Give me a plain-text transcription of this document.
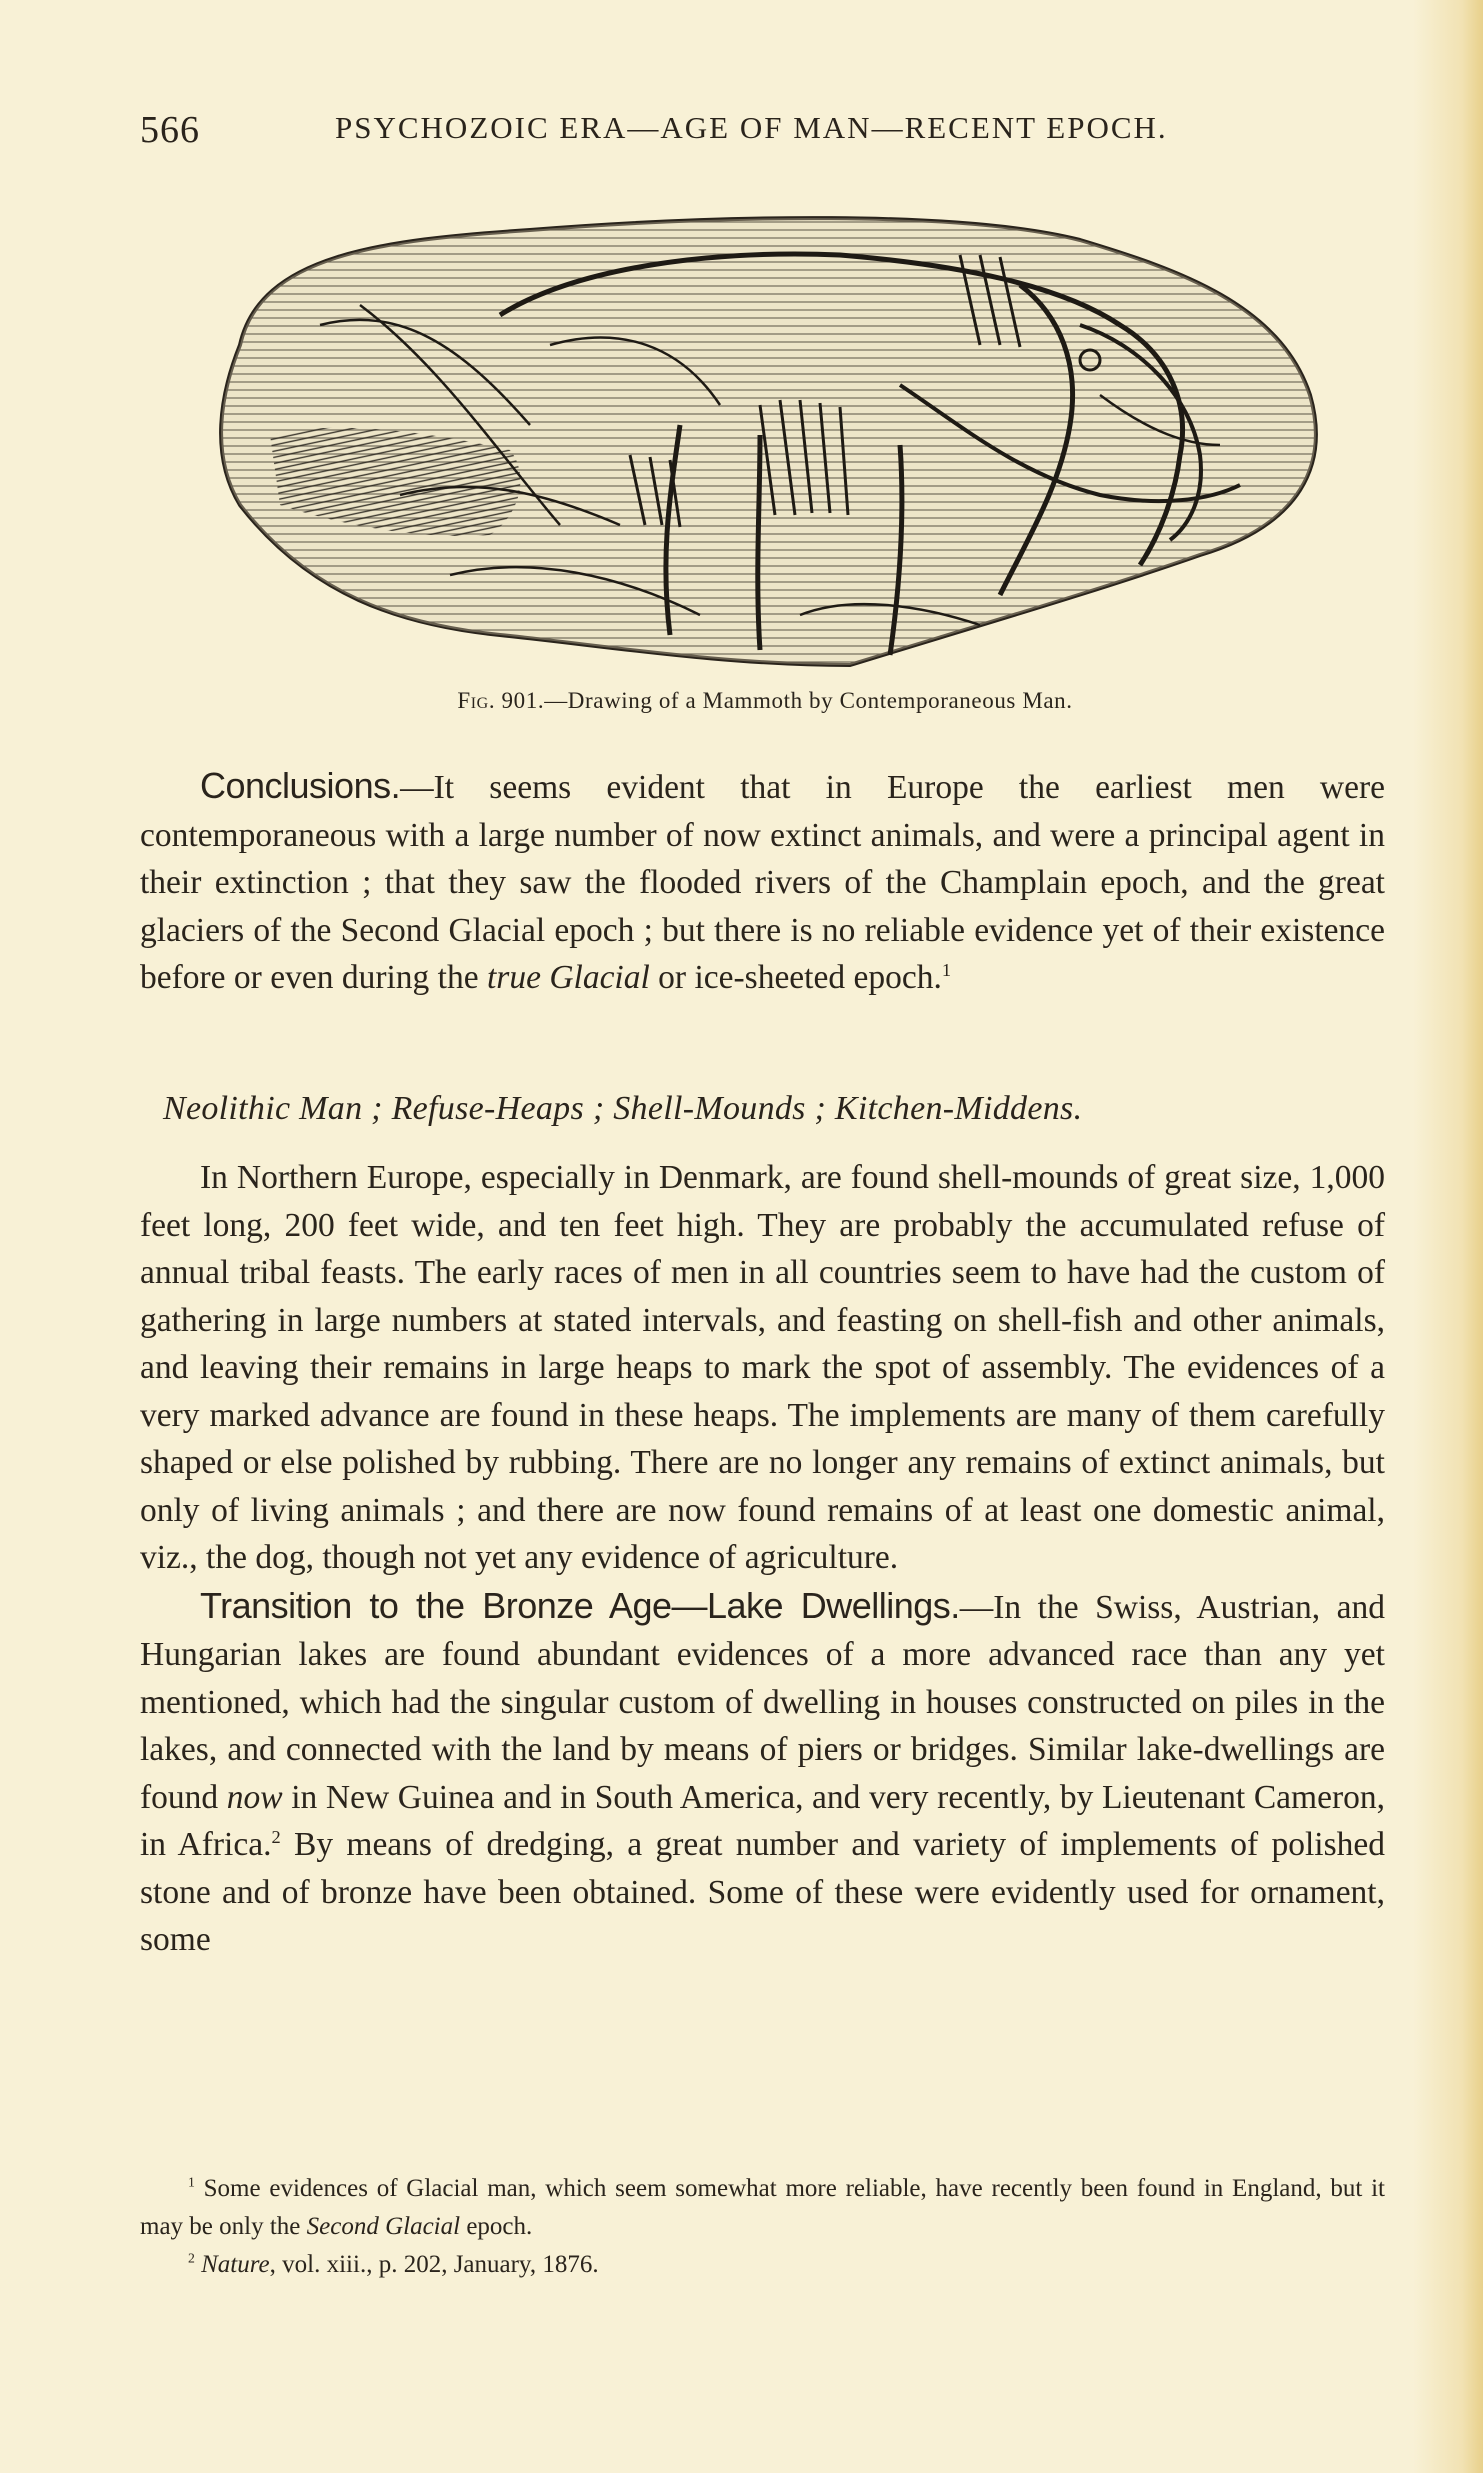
566	PSYCHOZOIC ERA—AGE OF MAN—RECENT EPOCH.
Fig. 901.—Drawing of a Mammoth by Contemporaneous Man.

Conclusions.—It seems evident that in Europe the earliest men were contemporaneous with a large number of now extinct animals, and were a principal agent in their extinction ; that they saw the flooded rivers of the Champlain epoch, and the great glaciers of the Second Glacial epoch ; but there is no reliable evidence yet of their existence before or even during the true Glacial or ice-sheeted epoch.$^1$

Neolithic Man ; Refuse-Heaps ; Shell-Mounds ; Kitchen-Middens.

In Northern Europe, especially in Denmark, are found shell-mounds of great size, 1,000 feet long, 200 feet wide, and ten feet high. They are probably the accumulated refuse of annual tribal feasts. The early races of men in all countries seem to have had the custom of gathering in large numbers at stated intervals, and feasting on shell-fish and other animals, and leaving their remains in large heaps to mark the spot of assembly. The evidences of a very marked advance are found in these heaps. The implements are many of them carefully shaped or else polished by rubbing. There are no longer any remains of extinct animals, but only of living animals ; and there are now found remains of at least one domestic animal, viz., the dog, though not yet any evidence of agriculture.

Transition to the Bronze Age—Lake Dwellings.—In the Swiss, Austrian, and Hungarian lakes are found abundant evidences of a more advanced race than any yet mentioned, which had the singular custom of dwelling in houses constructed on piles in the lakes, and connected with the land by means of piers or bridges. Similar lake-dwellings are found now in New Guinea and in South America, and very recently, by Lieutenant Cameron, in Africa.$^2$ By means of dredging, a great number and variety of implements of polished stone and of bronze have been obtained. Some of these were evidently used for ornament, some

$^1$ Some evidences of Glacial man, which seem somewhat more reliable, have recently been found in England, but it may be only the Second Glacial epoch.

$^2$ Nature, vol. xiii., p. 202, January, 1876.
